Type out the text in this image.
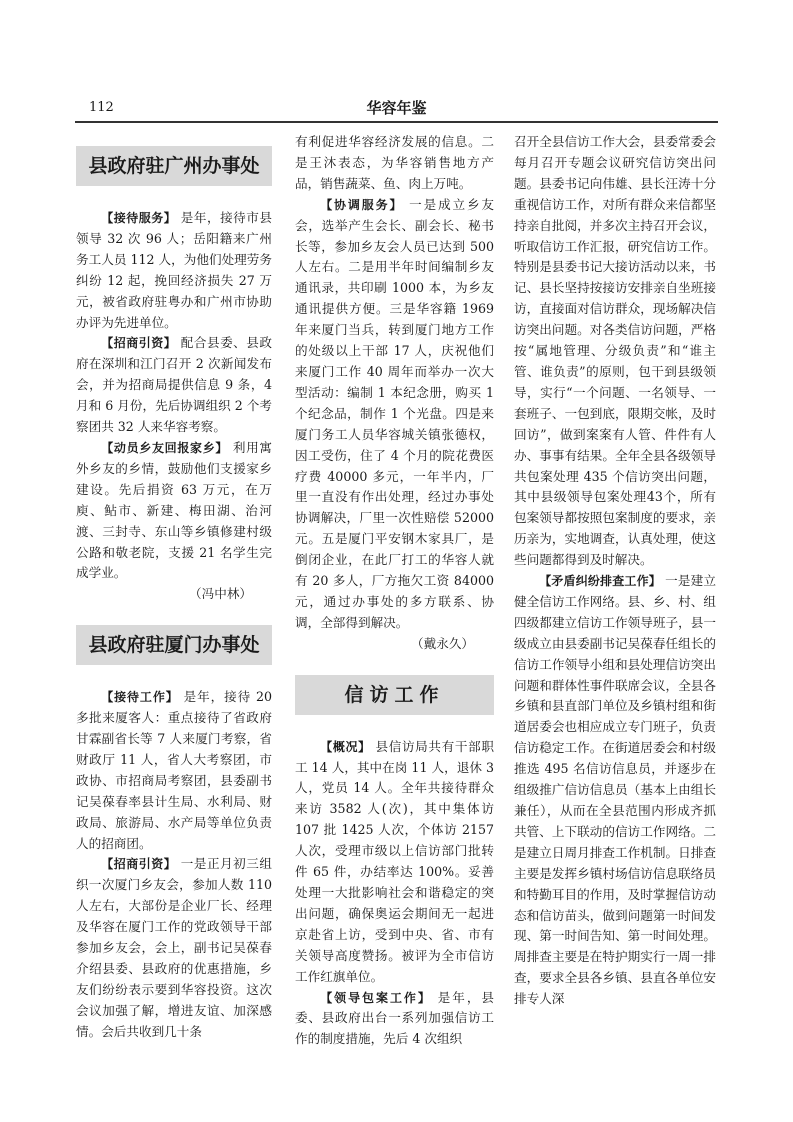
112	华容年鉴
县政府驻广州办事处

【接待服务】 是年，接待市县领导 32 次 96 人；岳阳籍来广州务工人员 112 人，为他们处理劳务纠纷 12 起，挽回经济损失 27 万元，被省政府驻粤办和广州市协助办评为先进单位。

【招商引资】 配合县委、县政府在深圳和江门召开 2 次新闻发布会，并为招商局提供信息 9 条，4 月和 6 月份，先后协调组织 2 个考察团共 32 人来华容考察。

【动员乡友回报家乡】 利用寓外乡友的乡情，鼓励他们支援家乡建设。先后捐资 63 万元，在万庾、鲇市、新建、梅田湖、治河渡、三封寺、东山等乡镇修建村级公路和敬老院，支援 21 名学生完成学业。

（冯中林）

县政府驻厦门办事处

【接待工作】 是年，接待 20 多批来厦客人：重点接待了省政府甘霖副省长等 7 人来厦门考察，省财政厅 11 人，省人大考察团，市政协、市招商局考察团，县委副书记吴葆春率县计生局、水利局、财政局、旅游局、水产局等单位负责人的招商团。

【招商引资】 一是正月初三组织一次厦门乡友会，参加人数 110 人左右，大部份是企业厂长、经理及华容在厦门工作的党政领导干部参加乡友会，会上，副书记吴葆春介绍县委、县政府的优惠措施，乡友们纷纷表示要到华容投资。这次会议加强了解，增进友谊、加深感情。会后共收到几十条

有利促进华容经济发展的信息。二是王沐表态，为华容销售地方产品，销售蔬菜、鱼、肉上万吨。

【协调服务】 一是成立乡友会，选举产生会长、副会长、秘书长等，参加乡友会人员已达到 500 人左右。二是用半年时间编制乡友通讯录，共印刷 1000 本，为乡友通讯提供方便。三是华容籍 1969 年来厦门当兵，转到厦门地方工作的处级以上干部 17 人，庆祝他们来厦门工作 40 周年而举办一次大型活动：编制 1 本纪念册，购买 1 个纪念品，制作 1 个光盘。四是来厦门务工人员华容城关镇张德权，因工受伤，住了 4 个月的院花费医疗费 40000 多元，一年半内，厂里一直没有作出处理，经过办事处协调解决，厂里一次性赔偿 52000 元。五是厦门平安钢木家具厂，是倒闭企业，在此厂打工的华容人就有 20 多人，厂方拖欠工资 84000 元，通过办事处的多方联系、协调，全部得到解决。

（戴永久）

信访工作

【概况】 县信访局共有干部职工 14 人，其中在岗 11 人，退休 3 人，党员 14 人。全年共接待群众来访 3582 人(次)，其中集体访 107 批 1425 人次，个体访 2157 人次，受理市级以上信访部门批转件 65 件，办结率达 100%。妥善处理一大批影响社会和谐稳定的突出问题，确保奥运会期间无一起进京赴省上访，受到中央、省、市有关领导高度赞扬。被评为全市信访工作红旗单位。

【领导包案工作】 是年，县委、县政府出台一系列加强信访工作的制度措施，先后 4 次组织

召开全县信访工作大会，县委常委会每月召开专题会议研究信访突出问题。县委书记向伟雄、县长汪涛十分重视信访工作，对所有群众来信都坚持亲自批阅，并多次主持召开会议，听取信访工作汇报，研究信访工作。特别是县委书记大接访活动以来，书记、县长坚持按接访安排亲自坐班接访，直接面对信访群众，现场解决信访突出问题。对各类信访问题，严格按“属地管理、分级负责”和“谁主管、谁负责”的原则，包干到县级领导，实行“一个问题、一名领导、一套班子、一包到底，限期交帐，及时回访”，做到案案有人管、件件有人办、事事有结果。全年全县各级领导共包案处理 435 个信访突出问题，其中县级领导包案处理43个，所有包案领导都按照包案制度的要求，亲历亲为，实地调查，认真处理，使这些问题都得到及时解决。

【矛盾纠纷排查工作】 一是建立健全信访工作网络。县、乡、村、组四级都建立信访工作领导班子，县一级成立由县委副书记吴葆春任组长的信访工作领导小组和县处理信访突出问题和群体性事件联席会议，全县各乡镇和县直部门单位及乡镇村组和街道居委会也相应成立专门班子，负责信访稳定工作。在街道居委会和村级推选 495 名信访信息员，并逐步在组级推广信访信息员（基本上由组长兼任），从而在全县范围内形成齐抓共管、上下联动的信访工作网络。二是建立日周月排查工作机制。日排查主要是发挥乡镇村场信访信息联络员和特勤耳目的作用，及时掌握信访动态和信访苗头，做到问题第一时间发现、第一时间告知、第一时间处理。周排查主要是在特护期实行一周一排查，要求全县各乡镇、县直各单位安排专人深
